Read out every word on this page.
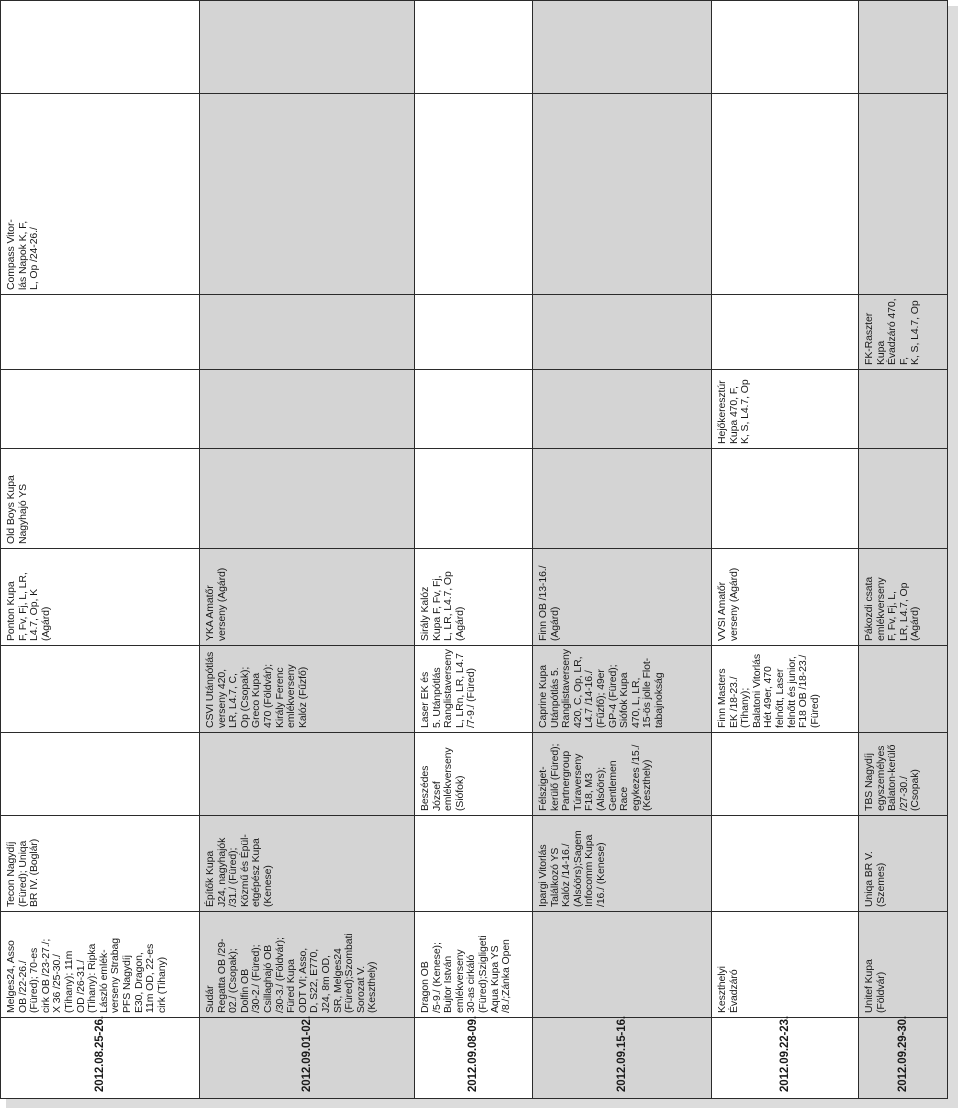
2012.08.25-26.
Melges24, Asso
OB /22-26./
(Füred); 70-es
cirk OB /23-27./;
X 36 /25-30./
(Tihany); 11m
OD /26-31./
(Tihany): Ripka
László emlék-
verseny Strabag
PFS Nagydíj
E30, Dragon,
11m OD, 22-es
cirk (Tihany)
Tecon Nagydíj
(Füred); Uniqa
BR IV. (Boglár)
Ponton Kupa
F, Fv, Fj, L, LR,
L4.7, Op, K
(Agárd)
Old Boys Kupa
Nagyhajó YS
Compass Vitor-
lás Napok K, F,
L, Op /24-26./
2012.09.01-02.
Sudár
Regatta OB /29-
02./ (Csopak);
Dolfin OB
/30-2./ (Füred);
Csillaghajó OB
/30-3./ (Földvár);
Füred Kupa
ODT VI; Asso,
D, S22, E770,
J24, 8m OD,
SR, Melges24
(Füred);Szombati
Sorozat V.
(Keszthely)
Építők Kupa
J24, nagyhajók
/31./ (Füred);
Közmű és Épül-
etgépész Kupa
(Kenese)
CSVI Utánpótlás
verseny 420,
LR, L4.7, C,
Op (Csopak);
Greco Kupa
470 (Földvár);
Király Ferenc
emlékverseny
Kalóz (Fűzfő)
YKA Amatőr
verseny (Agárd)
2012.09.08-09.
Dragon OB
/5-9./ (Kenese);
Bujtor István
emlékverseny
30-as cirkáló
(Füred);Szigligeti
Aqua Kupa YS
/8./;Zánka Open
Beszédes József
emlékverseny
(Siófok)
Laser EK és
5. Utánpótlás
Ranglistaverseny
L, LRn, LR, L4.7
/7-9./ (Füred)
Sirály Kalóz
Kupa F, Fv, Fj,
L, LR, L4.7, Op
(Agárd)
2012.09.15-16.
Ipargi Vitorlás
Találkozó YS
Kalóz /14-16./
(Alsóörs);Sagem
Infocomm Kupa
/16./ (Kenese)
Félsziget-
kerülő (Füred);
Partnergroup
Túraverseny
F18, M3
(Alsóörs);
Gentlemen Race
egykezes /15./
(Keszthely)
Caprine Kupa
Utánpótlás 5.
Ranglistaverseny
420, C, Op, LR,
L4.7 /14-16./
(Fűzfő); 49er
GP-4 (Füred);
Siófok Kupa
470, L, LR,
15-ös jolle Flot-
tabajnokság
Finn OB /13-16./
(Agárd)
2012.09.22-23.
Keszthelyi
Évadzáró
Finn Masters
EK /18-23./
(Tihany);
Balatoni Vitorlás
Hét 49er, 470
felnőtt, Laser
felnőtt és junior,
F18 OB /18-23./
(Füred)
VVSI Amatőr
verseny (Agárd)
Hejőkeresztúr
Kupa 470, F,
K, S, L4.7, Op
2012.09.29-30.
Unitef Kupa
(Földvár)
Uniqa BR V.
(Szemes)
TBS Nagydíj
egyszemélyes
Balaton-kerülő
/27-30./
(Csopak)
Pákozdi csata
emlékverseny
F, Fv, Fj, L,
LR, L4.7, Op
(Agárd)
FK-Raszter Kupa
Évadzáró 470, F,
K, S, L4.7, Op
